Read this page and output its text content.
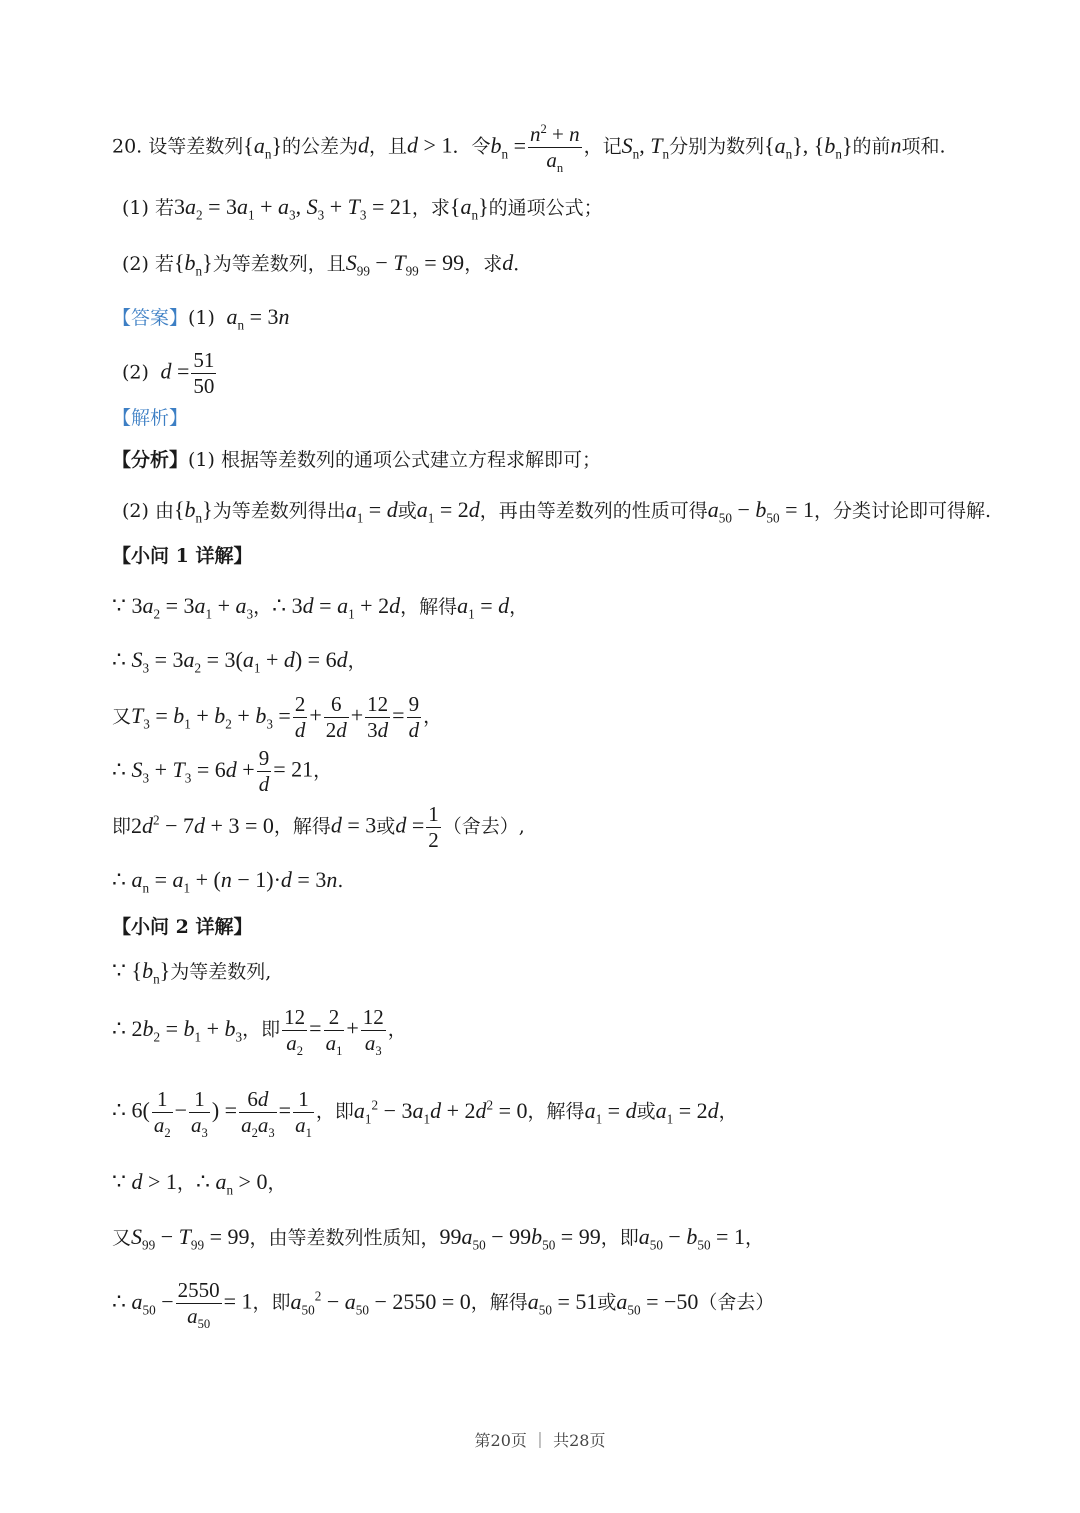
20. 设等差数列$\{a_n\}$的公差为d，且d > 1．令$b_n = \frac{n^2 + n}{a_n}$ ，记$S_n$, $T_n$分别为数列$\{a_n\}$, $\{b_n\}$的前n项和.
(1) 若$3a_2 = 3a_1 + a_3$, $S_3 + T_3 = 21$，求$\{a_n\}$的通项公式；
(2) 若$\{b_n\}$为等差数列，且$S_{99} - T_{99} = 99$，求d．
【答案】(1) $a_n = 3n$
(2) $d = \frac{51}{50}$
【解析】
【分析】(1) 根据等差数列的通项公式建立方程求解即可；
(2) 由$\{b_n\}$为等差数列得出$a_1 = d$或$a_1 = 2d$，再由等差数列的性质可得$a_{50} - b_{50} = 1$，分类讨论即可得解.
【小问 1 详解】
∵ $3a_2 = 3a_1 + a_3$，∴ $3d = a_1 + 2d$，解得$a_1 = d$，
∴ $S_3 = 3a_2 = 3(a_1 + d) = 6d$，
又$T_3 = b_1 + b_2 + b_3 = \frac{2}{d} + \frac{6}{2d} + \frac{12}{3d} = \frac{9}{d}$ ，
∴ $S_3 + T_3 = 6d + \frac{9}{d} = 21$，
即$2d^2 - 7d + 3 = 0$，解得d = 3或$d = \frac{1}{2}$ （舍去）,
∴ $a_n = a_1 + (n - 1)\cdot d = 3n$.
【小问 2 详解】
∵ $\{b_n\}$为等差数列,
∴ $2b_2 = b_1 + b_3$，即 $\frac{12}{a_2} = \frac{2}{a_1} + \frac{12}{a_3}$ ，
∴ $6( \frac{1}{a_2} - \frac{1}{a_3}$ ) = $\frac{6d}{a_2a_3} = \frac{1}{a_1}$ ，即$a_1^2 - 3a_1d + 2d^2 = 0$，解得$a_1 = d$或$a_1 = 2d$，
∵ d > 1，∴ $a_n > 0$，
又$S_{99} - T_{99} = 99$，由等差数列性质知，$99a_{50} - 99b_{50} = 99$，即$a_{50} - b_{50} = 1$，
∴ $a_{50} - \frac{2550}{a_{50}} = 1$，即$a_{50}^2 - a_{50} - 2550 = 0$，解得$a_{50} = 51$或$a_{50} = -50$（舍去）
第20页 ｜ 共28页
